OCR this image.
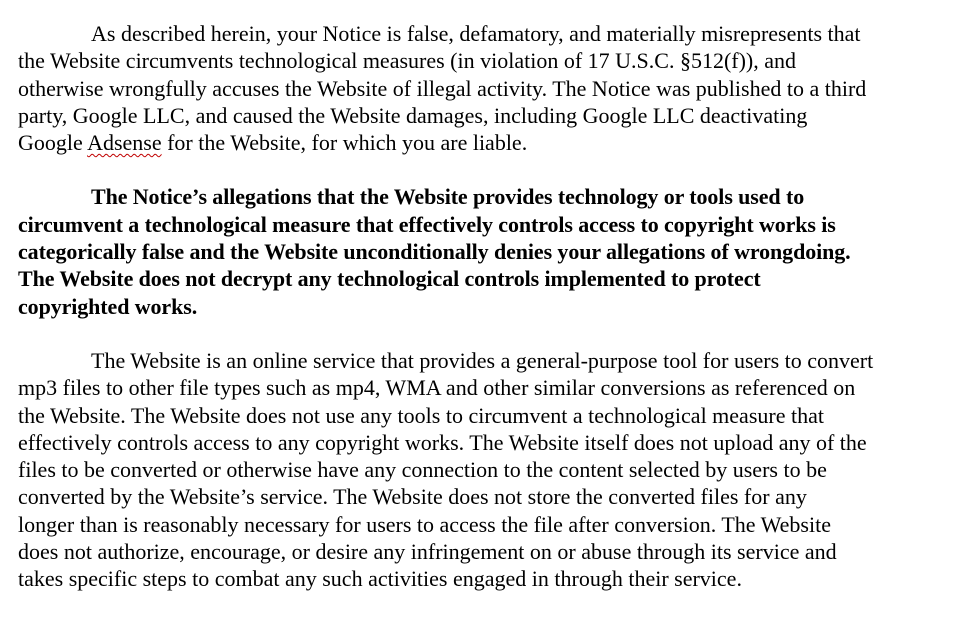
As described herein, your Notice is false, defamatory, and materially misrepresents that
the Website circumvents technological measures (in violation of 17 U.S.C. §512(f)), and
otherwise wrongfully accuses the Website of illegal activity. The Notice was published to a third
party, Google LLC, and caused the Website damages, including Google LLC deactivating
Google Adsense for the Website, for which you are liable.

The Notice’s allegations that the Website provides technology or tools used to
circumvent a technological measure that effectively controls access to copyright works is
categorically false and the Website unconditionally denies your allegations of wrongdoing.
The Website does not decrypt any technological controls implemented to protect
copyrighted works.

The Website is an online service that provides a general-purpose tool for users to convert
mp3 files to other file types such as mp4, WMA and other similar conversions as referenced on
the Website. The Website does not use any tools to circumvent a technological measure that
effectively controls access to any copyright works. The Website itself does not upload any of the
files to be converted or otherwise have any connection to the content selected by users to be
converted by the Website’s service. The Website does not store the converted files for any
longer than is reasonably necessary for users to access the file after conversion. The Website
does not authorize, encourage, or desire any infringement on or abuse through its service and
takes specific steps to combat any such activities engaged in through their service.
